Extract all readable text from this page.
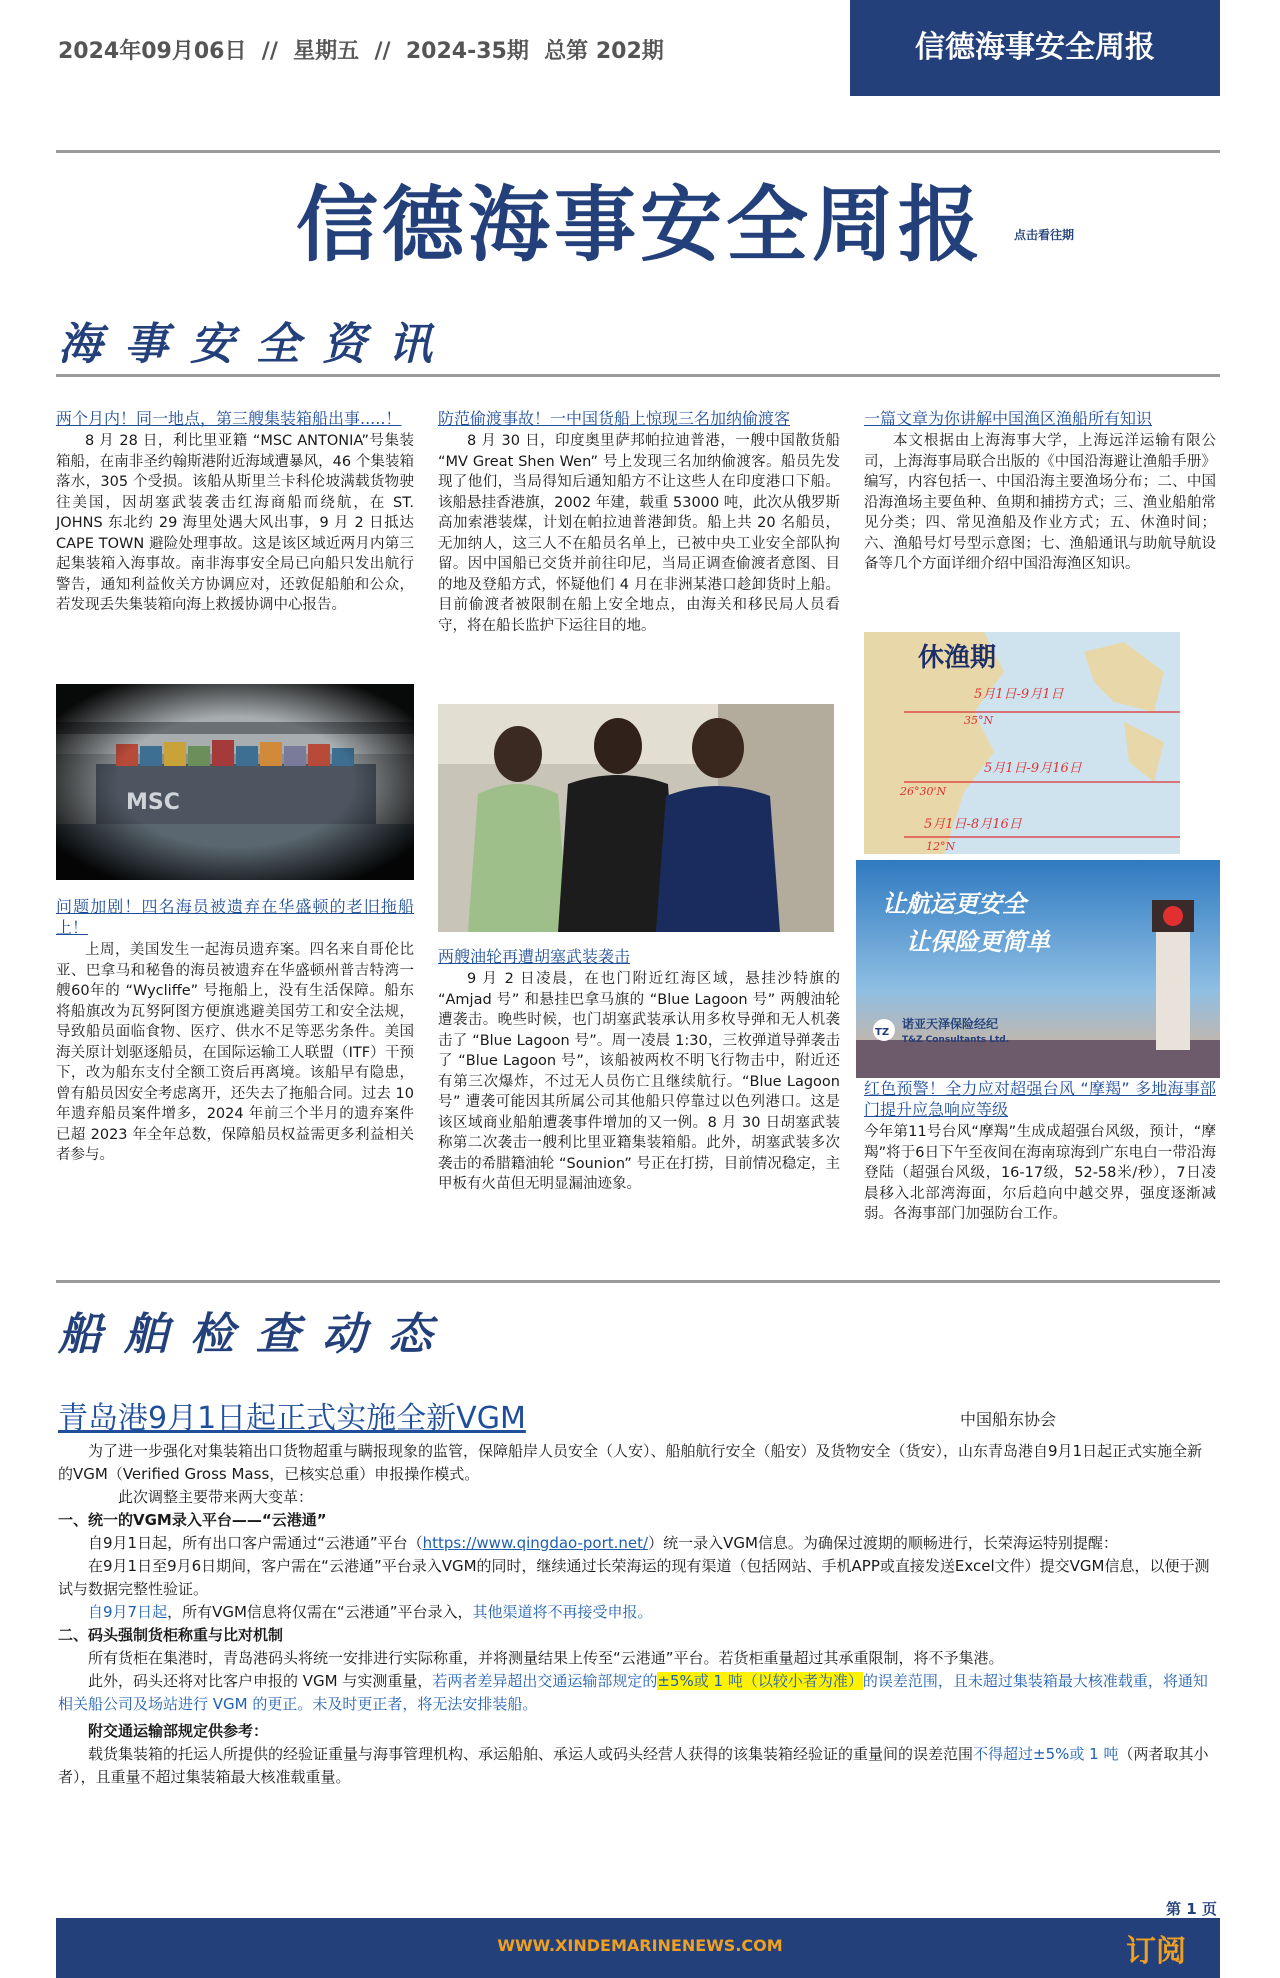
2024年09月06日  //  星期五  //  2024-35期  总第 202期	信德海事安全周报
信德海事安全周报	点击看往期
海事安全资讯
两个月内！同一地点，第三艘集装箱船出事.....！

8 月 28 日，利比里亚籍 “MSC ANTONIA”号集装箱船，在南非圣约翰斯港附近海域遭暴风，46 个集装箱落水，305 个受损。该船从斯里兰卡科伦坡满载货物驶往美国，因胡塞武装袭击红海商船而绕航，在 ST. JOHNS 东北约 29 海里处遇大风出事，9 月 2 日抵达 CAPE TOWN 避险处理事故。这是该区域近两月内第三起集装箱入海事故。南非海事安全局已向船只发出航行警告，通知利益攸关方协调应对，还敦促船舶和公众，若发现丢失集装箱向海上救援协调中心报告。

问题加剧！四名海员被遗弃在华盛顿的老旧拖船上！

上周，美国发生一起海员遗弃案。四名来自哥伦比亚、巴拿马和秘鲁的海员被遗弃在华盛顿州普吉特湾一艘60年的 “Wycliffe” 号拖船上，没有生活保障。船东将船旗改为瓦努阿图方便旗逃避美国劳工和安全法规，导致船员面临食物、医疗、供水不足等恶劣条件。美国海关原计划驱逐船员，在国际运输工人联盟（ITF）干预下，改为船东支付全额工资后再离境。该船早有隐患，曾有船员因安全考虑离开，还失去了拖船合同。过去 10 年遗弃船员案件增多，2024 年前三个半月的遗弃案件已超 2023 年全年总数，保障船员权益需更多利益相关者参与。

防范偷渡事故！一中国货船上惊现三名加纳偷渡客

8 月 30 日，印度奥里萨邦帕拉迪普港，一艘中国散货船 “MV Great Shen Wen” 号上发现三名加纳偷渡客。船员先发现了他们，当局得知后通知船方不让这些人在印度港口下船。该船悬挂香港旗，2002 年建，载重 53000 吨，此次从俄罗斯高加索港装煤，计划在帕拉迪普港卸货。船上共 20 名船员，无加纳人，这三人不在船员名单上，已被中央工业安全部队拘留。因中国船已交货并前往印尼，当局正调查偷渡者意图、目的地及登船方式，怀疑他们 4 月在非洲某港口趁卸货时上船。目前偷渡者被限制在船上安全地点，由海关和移民局人员看守，将在船长监护下运往目的地。

两艘油轮再遭胡塞武装袭击

9 月 2 日凌晨，在也门附近红海区域，悬挂沙特旗的 “Amjad 号” 和悬挂巴拿马旗的 “Blue Lagoon 号” 两艘油轮遭袭击。晚些时候，也门胡塞武装承认用多枚导弹和无人机袭击了 “Blue Lagoon 号”。周一凌晨 1:30，三枚弹道导弹袭击了 “Blue Lagoon 号”，该船被两枚不明飞行物击中，附近还有第三次爆炸，不过无人员伤亡且继续航行。“Blue Lagoon 号” 遭袭可能因其所属公司其他船只停靠过以色列港口。这是该区域商业船舶遭袭事件增加的又一例。8 月 30 日胡塞武装称第二次袭击一艘利比里亚籍集装箱船。此外，胡塞武装多次袭击的希腊籍油轮 “Sounion” 号正在打捞，目前情况稳定，主甲板有火苗但无明显漏油迹象。

一篇文章为你讲解中国渔区渔船所有知识

本文根据由上海海事大学，上海远洋运输有限公司，上海海事局联合出版的《中国沿海避让渔船手册》编写，内容包括一、中国沿海主要渔场分布；二、中国沿海渔场主要鱼种、鱼期和捕捞方式；三、渔业船舶常见分类；四、常见渔船及作业方式；五、休渔时间；六、渔船号灯号型示意图；七、渔船通讯与助航导航设备等几个方面详细介绍中国沿海渔区知识。

休渔期
5月1日-9月1日
5月1日-9月16日
5月1日-8月16日
35°N
26°30'N
12°N
让航运更安全
让保险更简单
TZ
诺亚天泽保险经纪
T&Z Consultants Ltd.
红色预警！全力应对超强台风 “摩羯” 多地海事部门提升应急响应等级

今年第11号台风“摩羯”生成成超强台风级，预计，“摩羯”将于6日下午至夜间在海南琼海到广东电白一带沿海登陆（超强台风级，16-17级，52-58米/秒），7日凌晨移入北部湾海面，尔后趋向中越交界，强度逐渐减弱。各海事部门加强防台工作。

船舶检查动态
青岛港9月1日起正式实施全新VGM	中国船东协会

为了进一步强化对集装箱出口货物超重与瞒报现象的监管，保障船岸人员安全（人安）、船舶航行安全（船安）及货物安全（货安），山东青岛港自9月1日起正式实施全新的VGM（Verified Gross Mass，已核实总重）申报操作模式。

此次调整主要带来两大变革：

一、统一的VGM录入平台——“云港通”

自9月1日起，所有出口客户需通过“云港通”平台（https://www.qingdao-port.net/）统一录入VGM信息。为确保过渡期的顺畅进行，长荣海运特别提醒：

在9月1日至9月6日期间，客户需在“云港通”平台录入VGM的同时，继续通过长荣海运的现有渠道（包括网站、手机APP或直接发送Excel文件）提交VGM信息，以便于测试与数据完整性验证。

自9月7日起，所有VGM信息将仅需在“云港通”平台录入，其他渠道将不再接受申报。

二、码头强制货柜称重与比对机制

所有货柜在集港时，青岛港码头将统一安排进行实际称重，并将测量结果上传至“云港通”平台。若货柜重量超过其承重限制，将不予集港。

此外，码头还将对比客户申报的 VGM 与实测重量，若两者差异超出交通运输部规定的±5%或 1 吨（以较小者为准）的误差范围，且未超过集装箱最大核准载重，将通知相关船公司及场站进行 VGM 的更正。未及时更正者，将无法安排装船。

附交通运输部规定供参考：

载货集装箱的托运人所提供的经验证重量与海事管理机构、承运船舶、承运人或码头经营人获得的该集装箱经验证的重量间的误差范围不得超过±5%或 1 吨（两者取其小者），且重量不超过集装箱最大核准载重量。

第 1 页
WWW.XINDEMARINENEWS.COM	订阅
